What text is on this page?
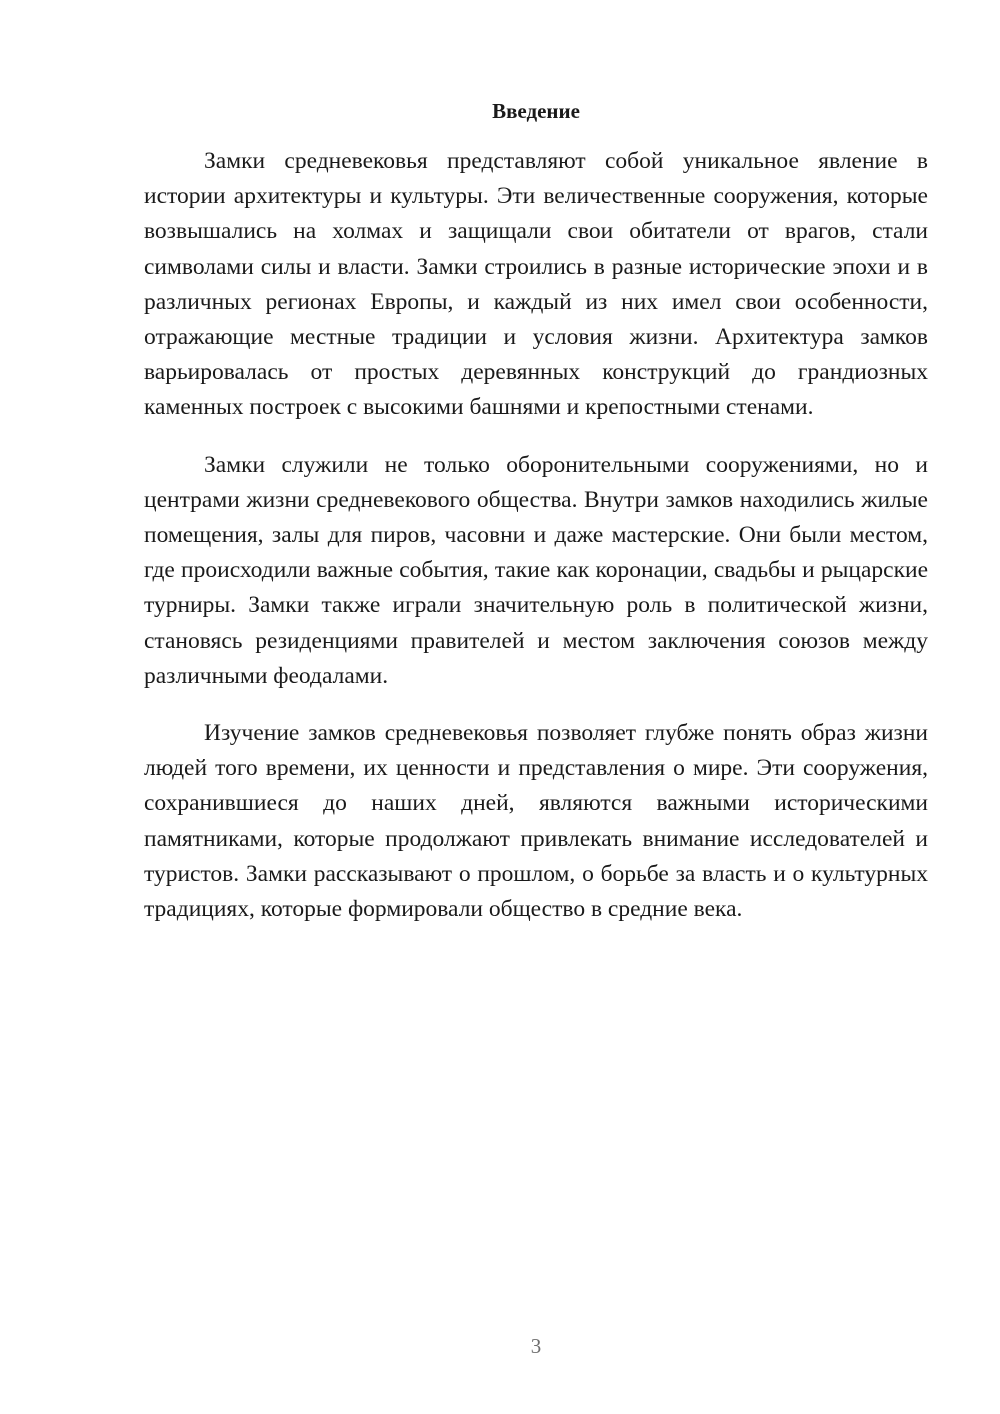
Введение

Замки средневековья представляют собой уникальное явление в истории архитектуры и культуры. Эти величественные сооружения, которые возвышались на холмах и защищали свои обитатели от врагов, стали символами силы и власти. Замки строились в разные исторические эпохи и в различных регионах Европы, и каждый из них имел свои особенности, отражающие местные традиции и условия жизни. Архитектура замков варьировалась от простых деревянных конструкций до грандиозных каменных построек с высокими башнями и крепостными стенами.

Замки служили не только оборонительными сооружениями, но и центрами жизни средневекового общества. Внутри замков находились жилые помещения, залы для пиров, часовни и даже мастерские. Они были местом, где происходили важные события, такие как коронации, свадьбы и рыцарские турниры. Замки также играли значительную роль в политической жизни, становясь резиденциями правителей и местом заключения союзов между различными феодалами.

Изучение замков средневековья позволяет глубже понять образ жизни людей того времени, их ценности и представления о мире. Эти сооружения, сохранившиеся до наших дней, являются важными историческими памятниками, которые продолжают привлекать внимание исследователей и туристов. Замки рассказывают о прошлом, о борьбе за власть и о культурных традициях, которые формировали общество в средние века.

3
